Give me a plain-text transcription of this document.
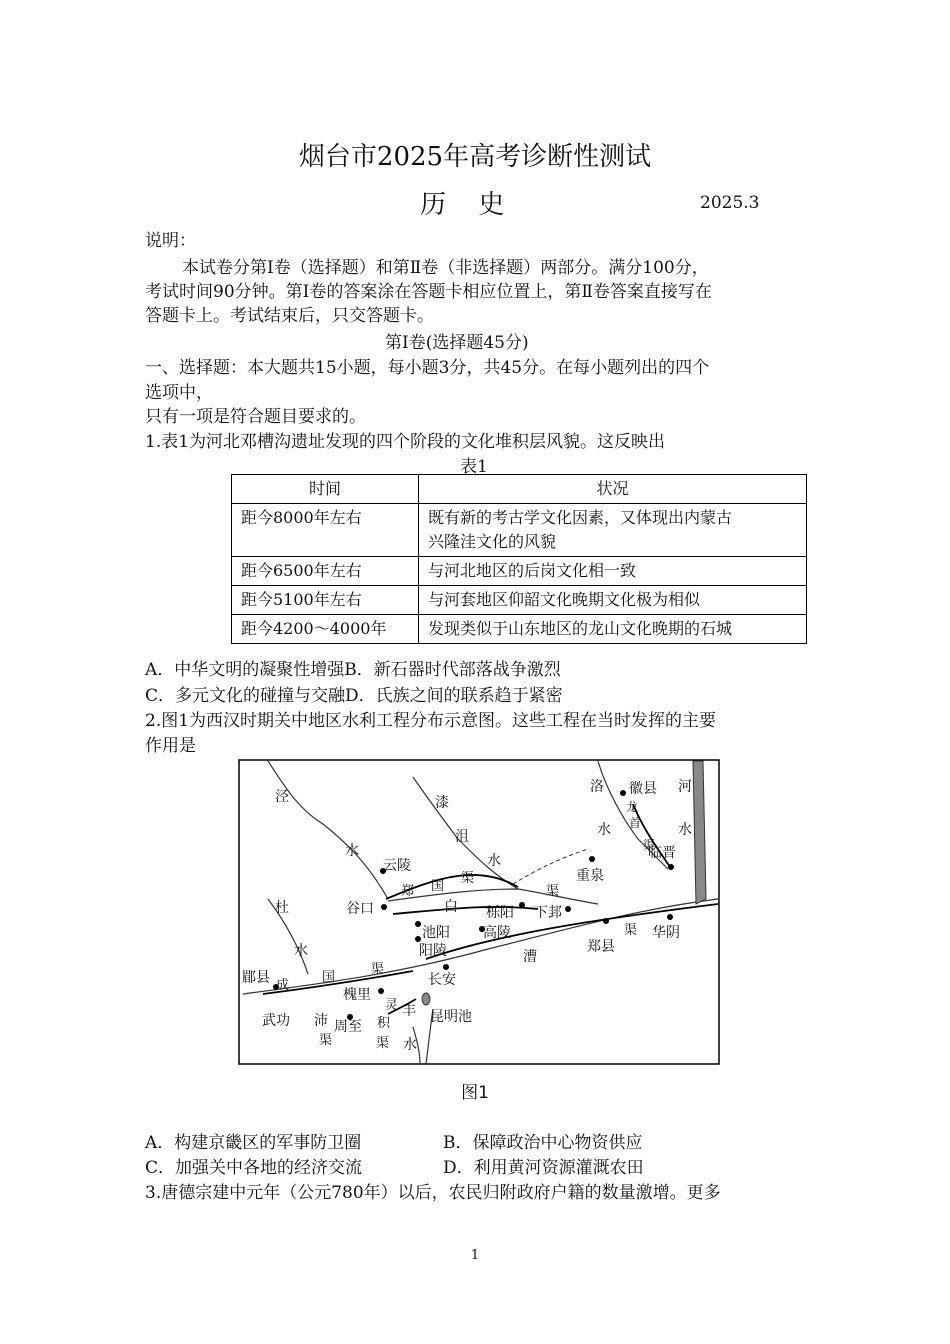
烟台市2025年高考诊断性测试
历 史	2025.3
说明：
本试卷分第Ⅰ卷（选择题）和第Ⅱ卷（非选择题）两部分。满分100分，
考试时间90分钟。第Ⅰ卷的答案涂在答题卡相应位置上，第Ⅱ卷答案直接写在
答题卡上。考试结束后，只交答题卡。
第Ⅰ卷(选择题45分)
一、选择题：本大题共15小题，每小题3分，共45分。在每小题列出的四个
选项中，
只有一项是符合题目要求的。
1.表1为河北邓槽沟遗址发现的四个阶段的文化堆积层风貌。这反映出
表1
时间	状况
距今8000年左右	既有新的考古学文化因素，又体现出内蒙古
兴隆洼文化的风貌
距今6500年左右	与河北地区的后岗文化相一致
距今5100年左右	与河套地区仰韶文化晚期文化极为相似
距今4200～4000年	发现类似于山东地区的龙山文化晚期的石城
A．中华文明的凝聚性增强B．新石器时代部落战争激烈
C．多元文化的碰撞与交融D．氏族之间的联系趋于紧密
2.图1为西汉时期关中地区水利工程分布示意图。这些工程在当时发挥的主要
作用是
泾
水
漆
沮
水
洛
水
河
水
徽县
龙
首
渠
临晋
重泉
云陵
郑 国
渠
谷口	白 栎阳
渠
下邽
池阳 高陵
阳陵	郑县
渠 华阴
杜
水	漕
郿县 成
国
渠
长安
槐里
灵 丰
武功 沛 周至 积
渠	渠 水
昆明池
图1
A．构建京畿区的军事防卫圈	B．保障政治中心物资供应
C．加强关中各地的经济交流	D．利用黄河资源灌溉农田
3.唐德宗建中元年（公元780年）以后，农民归附政府户籍的数量激增。更多
1
